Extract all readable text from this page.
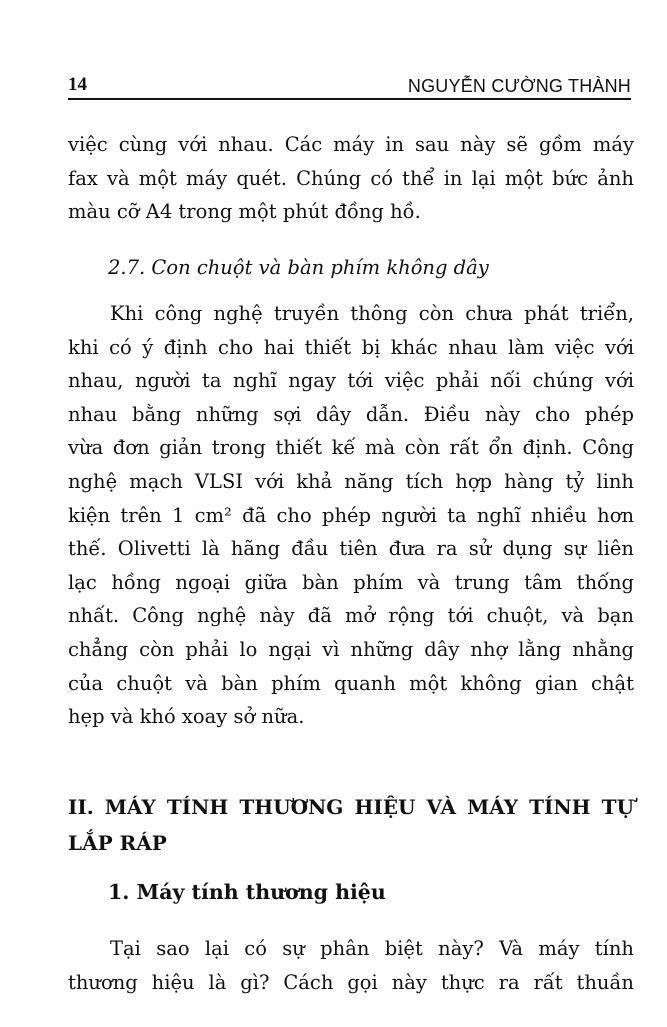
14	NGUYỄN CƯỜNG THÀNH
việc cùng với nhau. Các máy in sau này sẽ gồm máy
fax và một máy quét. Chúng có thể in lại một bức ảnh
màu cỡ A4 trong một phút đồng hồ.
2.7. Con chuột và bàn phím không dây
Khi công nghệ truyền thông còn chưa phát triển,
khi có ý định cho hai thiết bị khác nhau làm việc với
nhau, người ta nghĩ ngay tới việc phải nối chúng với
nhau bằng những sợi dây dẫn. Điều này cho phép
vừa đơn giản trong thiết kế mà còn rất ổn định. Công
nghệ mạch VLSI với khả năng tích hợp hàng tỷ linh
kiện trên 1 cm² đã cho phép người ta nghĩ nhiều hơn
thế. Olivetti là hãng đầu tiên đưa ra sử dụng sự liên
lạc hồng ngoại giữa bàn phím và trung tâm thống
nhất. Công nghệ này đã mở rộng tới chuột, và bạn
chẳng còn phải lo ngại vì những dây nhợ lằng nhằng
của chuột và bàn phím quanh một không gian chật
hẹp và khó xoay sở nữa.
II. MÁY TÍNH THƯƠNG HIỆU VÀ MÁY TÍNH TỰ
LẮP RÁP
1. Máy tính thương hiệu
Tại sao lại có sự phân biệt này? Và máy tính
thương hiệu là gì? Cách gọi này thực ra rất thuần
